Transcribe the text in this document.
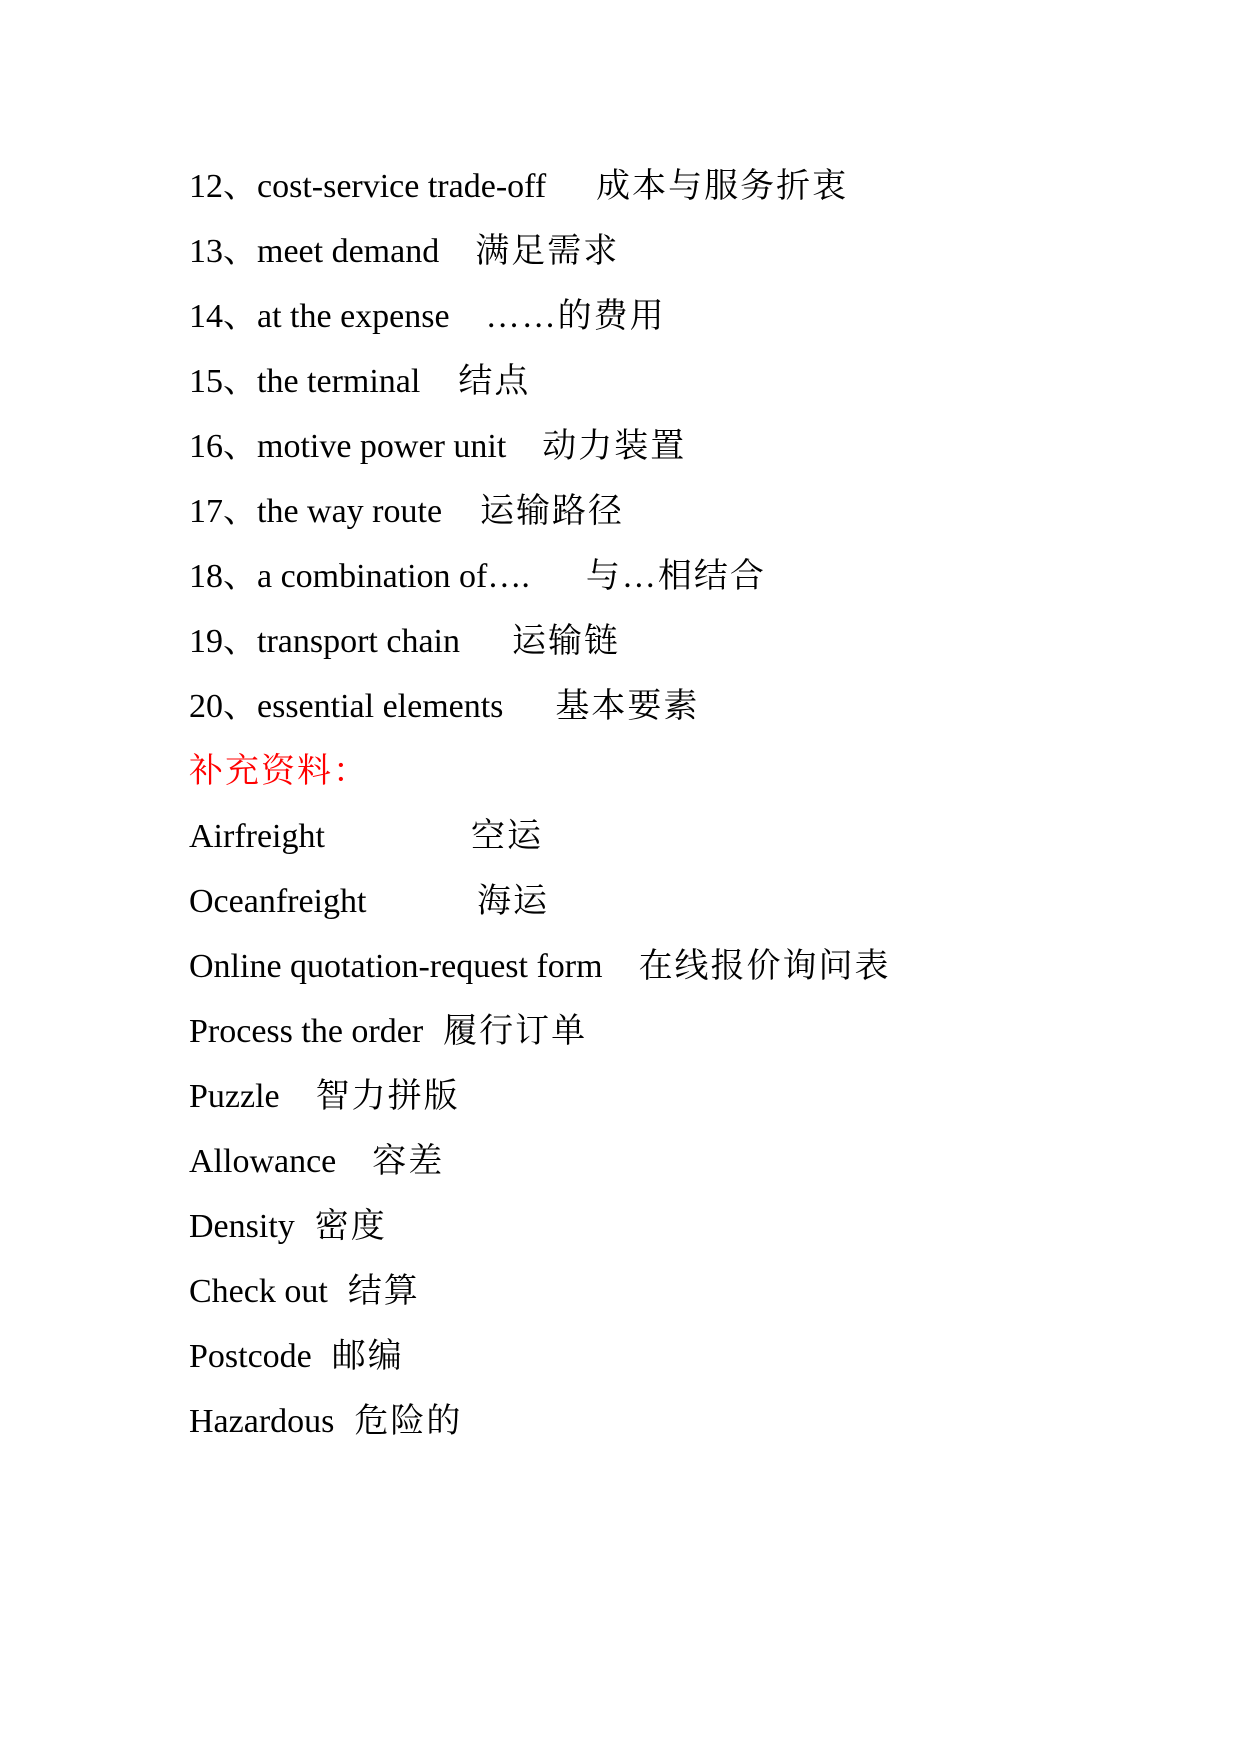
12、cost-service trade-off 成本与服务折衷
13、meet demand 满足需求
14、at the expense ……的费用
15、the terminal 结点
16、motive power unit 动力装置
17、the way route 运输路径
18、a combination of…. 与…相结合
19、transport chain 运输链
20、essential elements 基本要素
补充资料：
Airfreight	空运
Oceanfreight	海运
Online quotation-request form 在线报价询问表
Process the order 履行订单
Puzzle 智力拼版
Allowance 容差
Density 密度
Check out 结算
Postcode 邮编
Hazardous 危险的
